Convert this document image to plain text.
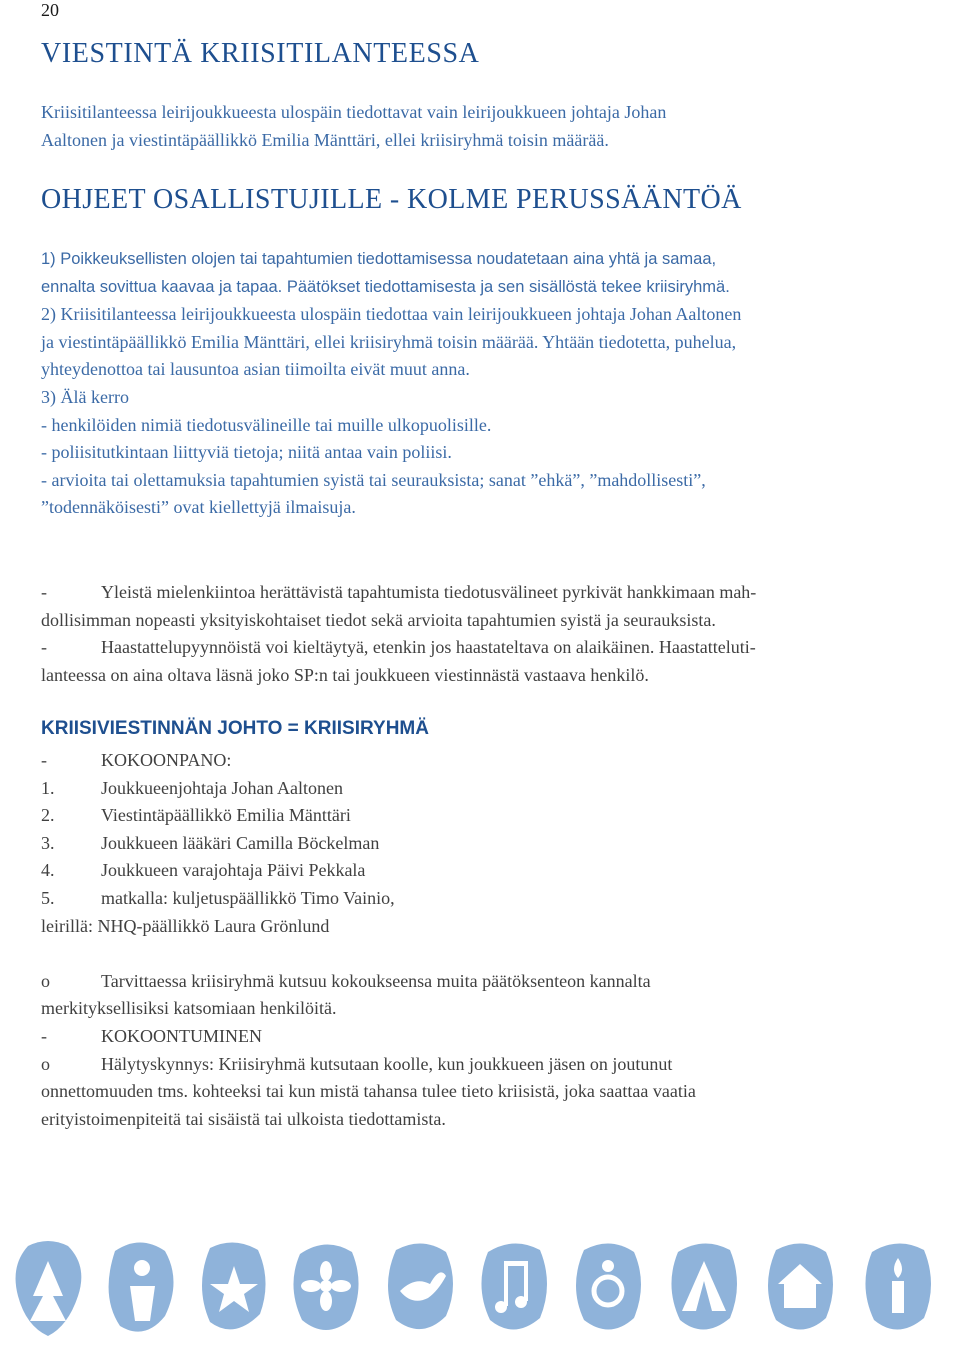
20
VIESTINTÄ KRIISITILANTEESSA
Kriisitilanteessa leirijoukkueesta ulospäin tiedottavat vain leirijoukkueen johtaja Johan
Aaltonen ja viestintäpäällikkö Emilia Mänttäri, ellei kriisiryhmä toisin määrää.
OHJEET OSALLISTUJILLE - KOLME PERUSSÄÄNTÖÄ
1) Poikkeuksellisten olojen tai tapahtumien tiedottamisessa noudatetaan aina yhtä ja samaa,
ennalta sovittua kaavaa ja tapaa. Päätökset tiedottamisesta ja sen sisällöstä tekee kriisiryhmä.
2) Kriisitilanteessa leirijoukkueesta ulospäin tiedottaa vain leirijoukkueen johtaja Johan Aaltonen
ja viestintäpäällikkö Emilia Mänttäri, ellei kriisiryhmä toisin määrää. Yhtään tiedotetta, puhelua,
yhteydenottoa tai lausuntoa asian tiimoilta eivät muut anna.
3) Älä kerro
- henkilöiden nimiä tiedotusvälineille tai muille ulkopuolisille.
- poliisitutkintaan liittyviä tietoja; niitä antaa vain poliisi.
- arvioita tai olettamuksia tapahtumien syistä tai seurauksista; sanat ”ehkä”, ”mahdollisesti”,
”todennäköisesti” ovat kiellettyjä ilmaisuja.
-	Yleistä mielenkiintoa herättävistä tapahtumista tiedotusvälineet pyrkivät hankkimaan mah-
dollisimman nopeasti yksityiskohtaiset tiedot sekä arvioita tapahtumien syistä ja seurauksista.
-	Haastattelupyynnöistä voi kieltäytyä, etenkin jos haastateltava on alaikäinen. Haastatteluti-
lanteessa on aina oltava läsnä joko SP:n tai joukkueen viestinnästä vastaava henkilö.
KRIISIVIESTINNÄN JOHTO = KRIISIRYHMÄ
-	KOKOONPANO:
1.	Joukkueenjohtaja Johan Aaltonen
2.	Viestintäpäällikkö Emilia Mänttäri
3.	Joukkueen lääkäri Camilla Böckelman
4.	Joukkueen varajohtaja Päivi Pekkala
5.	matkalla: kuljetuspäällikkö Timo Vainio,
leirillä: NHQ-päällikkö Laura Grönlund
o	Tarvittaessa kriisiryhmä kutsuu kokoukseensa muita päätöksenteon kannalta
merkityksellisiksi katsomiaan henkilöitä.
-	KOKOONTUMINEN
o	Hälytyskynnys: Kriisiryhmä kutsutaan koolle, kun joukkueen jäsen on joutunut
onnettomuuden tms. kohteeksi tai kun mistä tahansa tulee tieto kriisistä, joka saattaa vaatia
erityistoimenpiteitä tai sisäistä tai ulkoista tiedottamista.
